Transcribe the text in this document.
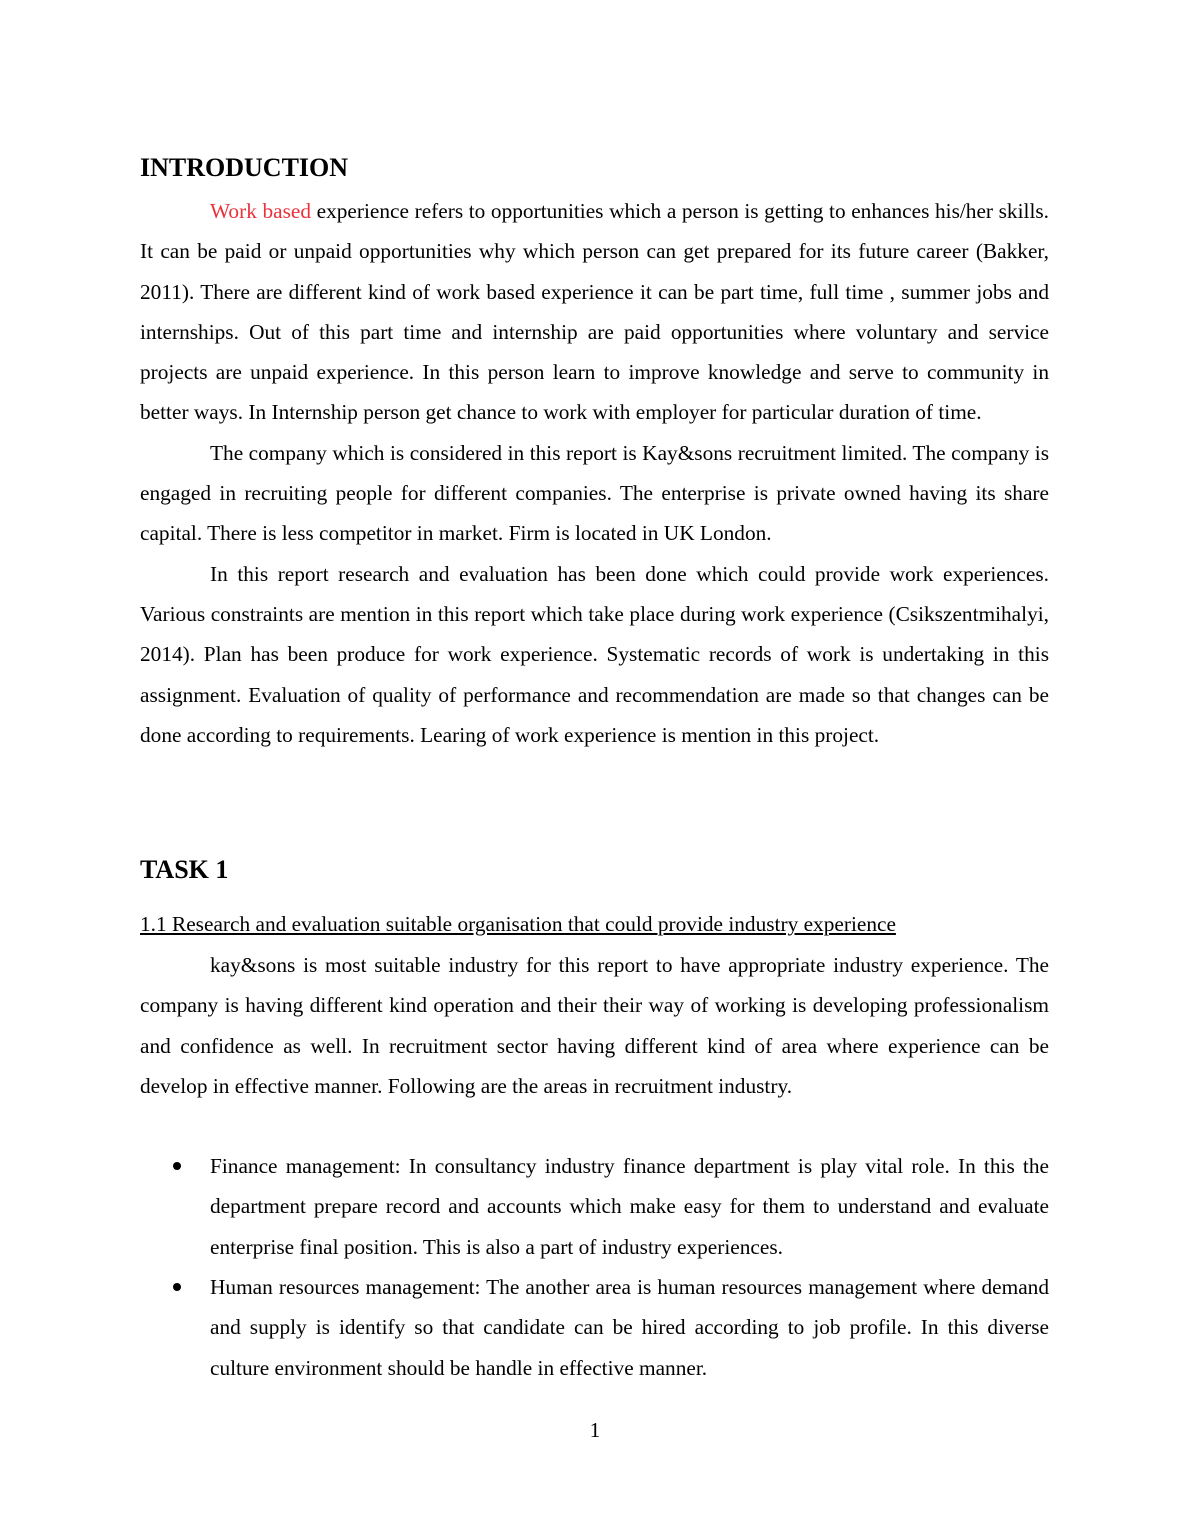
INTRODUCTION

Work based experience refers to opportunities which a person is getting to enhances his/her skills. It can be paid or unpaid opportunities why which person can get prepared for its future career (Bakker, 2011). There are different kind of work based experience it can be part time, full time , summer jobs and internships. Out of this part time and internship are paid opportunities where voluntary and service projects are unpaid experience. In this person learn to improve knowledge and serve to community in better ways. In Internship person get chance to work with employer for particular duration of time.

The company which is considered in this report is Kay&sons recruitment limited. The company is engaged in recruiting people for different companies. The enterprise is private owned having its share capital. There is less competitor in market. Firm is located in UK London.

In this report research and evaluation has been done which could provide work experiences. Various constraints are mention in this report which take place during work experience (Csikszentmihalyi, 2014). Plan has been produce for work experience. Systematic records of work is undertaking in this assignment. Evaluation of quality of performance and recommendation are made so that changes can be done according to requirements. Learing of work experience is mention in this project.

TASK 1
1.1 Research and evaluation suitable organisation that could provide industry experience

kay&sons is most suitable industry for this report to have appropriate industry experience. The company is having different kind operation and their their way of working is developing professionalism and confidence as well. In recruitment sector having different kind of area where experience can be develop in effective manner. Following are the areas in recruitment industry.

Finance management: In consultancy industry finance department is play vital role. In this the department prepare record and accounts which make easy for them to understand and evaluate enterprise final position. This is also a part of industry experiences.
Human resources management: The another area is human resources management where demand and supply is identify so that candidate can be hired according to job profile. In this diverse culture environment should be handle in effective manner.
1
